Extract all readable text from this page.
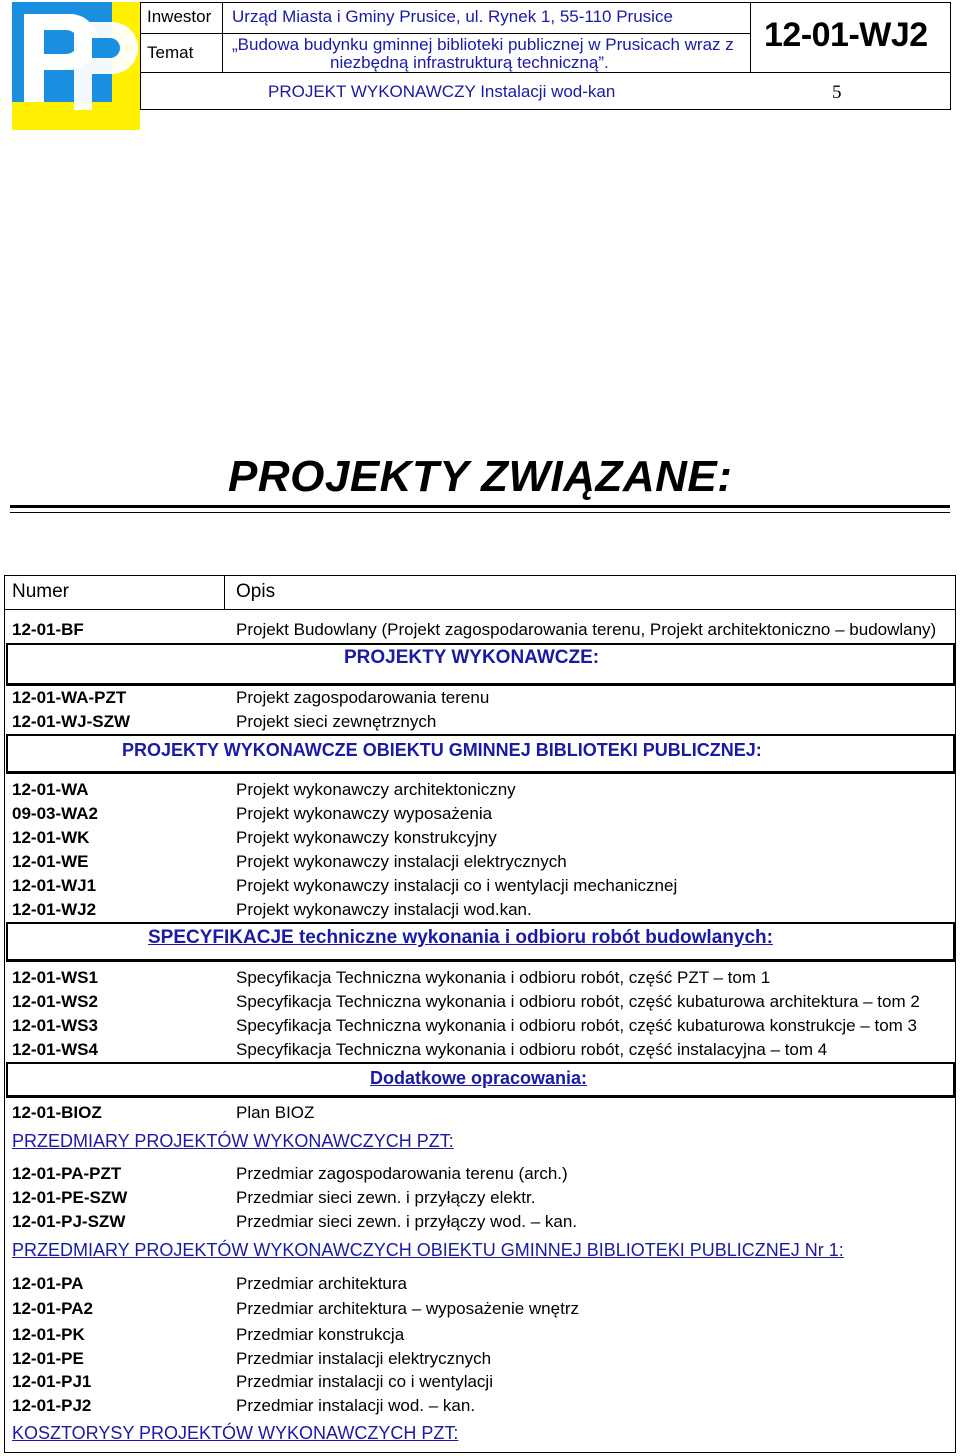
Inwestor Urząd Miasta i Gminy Prusice, ul. Rynek 1, 55-110 Prusice
Temat „Budowa budynku gminnej biblioteki publicznej w Prusicach wraz z
niezbędną infrastrukturą techniczną”.
12-01-WJ2
PROJEKT WYKONAWCZY Instalacji wod-kan	5
PROJEKTY ZWIĄZANE:
Numer	Opis
12-01-BF	Projekt Budowlany (Projekt zagospodarowania terenu, Projekt architektoniczno – budowlany)
PROJEKTY WYKONAWCZE:
12-01-WA-PZT	Projekt zagospodarowania terenu
12-01-WJ-SZW	Projekt sieci zewnętrznych
PROJEKTY WYKONAWCZE OBIEKTU GMINNEJ BIBLIOTEKI PUBLICZNEJ:
12-01-WA	Projekt wykonawczy architektoniczny
09-03-WA2	Projekt wykonawczy wyposażenia
12-01-WK	Projekt wykonawczy konstrukcyjny
12-01-WE	Projekt wykonawczy instalacji elektrycznych
12-01-WJ1	Projekt wykonawczy instalacji co i wentylacji mechanicznej
12-01-WJ2	Projekt wykonawczy instalacji wod.kan.
SPECYFIKACJE techniczne wykonania i odbioru robót budowlanych:
12-01-WS1	Specyfikacja Techniczna wykonania i odbioru robót, część PZT – tom 1
12-01-WS2	Specyfikacja Techniczna wykonania i odbioru robót, część kubaturowa architektura – tom 2
12-01-WS3	Specyfikacja Techniczna wykonania i odbioru robót, część kubaturowa konstrukcje – tom 3
12-01-WS4	Specyfikacja Techniczna wykonania i odbioru robót, część instalacyjna – tom 4
Dodatkowe opracowania:
12-01-BIOZ	Plan BIOZ
PRZEDMIARY PROJEKTÓW WYKONAWCZYCH PZT:
12-01-PA-PZT	Przedmiar zagospodarowania terenu (arch.)
12-01-PE-SZW	Przedmiar sieci zewn. i przyłączy elektr.
12-01-PJ-SZW	Przedmiar sieci zewn. i przyłączy wod. – kan.
PRZEDMIARY PROJEKTÓW WYKONAWCZYCH OBIEKTU GMINNEJ BIBLIOTEKI PUBLICZNEJ Nr 1:
12-01-PA	Przedmiar architektura
12-01-PA2	Przedmiar architektura – wyposażenie wnętrz
12-01-PK	Przedmiar konstrukcja
12-01-PE	Przedmiar instalacji elektrycznych
12-01-PJ1	Przedmiar instalacji co i wentylacji
12-01-PJ2	Przedmiar instalacji wod. – kan.
KOSZTORYSY PROJEKTÓW WYKONAWCZYCH PZT:
